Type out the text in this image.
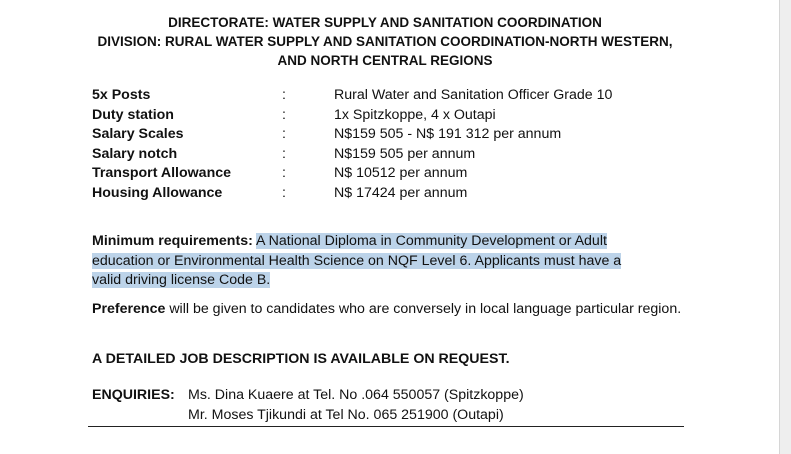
DIRECTORATE: WATER SUPPLY AND SANITATION COORDINATION
DIVISION: RURAL WATER SUPPLY AND SANITATION COORDINATION-NORTH WESTERN,
AND NORTH CENTRAL REGIONS
5x Posts	:	Rural Water and Sanitation Officer Grade 10
Duty station	:	1x Spitzkoppe, 4 x Outapi
Salary Scales	:	N$159 505 - N$ 191 312 per annum
Salary notch	:	N$159 505 per annum
Transport Allowance	:	N$ 10512 per annum
Housing Allowance	:	N$ 17424 per annum
Minimum requirements: A National Diploma in Community Development or Adult
education or Environmental Health Science on NQF Level 6. Applicants must have a
valid driving license Code B.
Preference will be given to candidates who are conversely in local language particular region.
A DETAILED JOB DESCRIPTION IS AVAILABLE ON REQUEST.
ENQUIRIES: Ms. Dina Kuaere at Tel. No .064 550057 (Spitzkoppe)
Mr. Moses Tjikundi at Tel No. 065 251900 (Outapi)
